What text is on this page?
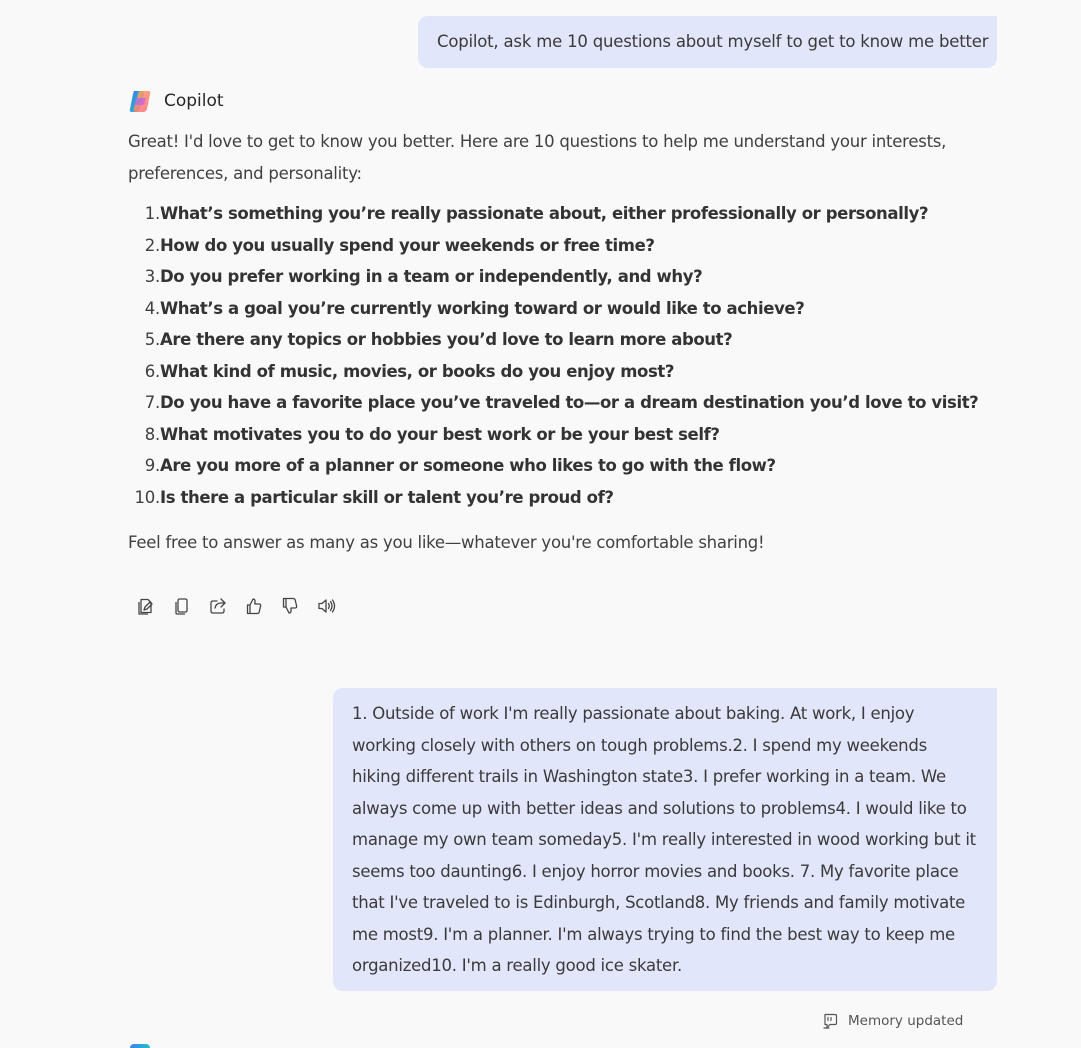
Copilot, ask me 10 questions about myself to get to know me better
Copilot

Great! I'd love to get to know you better. Here are 10 questions to help me understand your interests, preferences, and personality:

1. What’s something you’re really passionate about, either professionally or personally?
2. How do you usually spend your weekends or free time?
3. Do you prefer working in a team or independently, and why?
4. What’s a goal you’re currently working toward or would like to achieve?
5. Are there any topics or hobbies you’d love to learn more about?
6. What kind of music, movies, or books do you enjoy most?
7. Do you have a favorite place you’ve traveled to—or a dream destination you’d love to visit?
8. What motivates you to do your best work or be your best self?
9. Are you more of a planner or someone who likes to go with the flow?
10. Is there a particular skill or talent you’re proud of?

Feel free to answer as many as you like—whatever you're comfortable sharing!

1. Outside of work I'm really passionate about baking. At work, I enjoy working closely with others on tough problems.2. I spend my weekends hiking different trails in Washington state3. I prefer working in a team. We always come up with better ideas and solutions to problems4. I would like to manage my own team someday5. I'm really interested in wood working but it seems too daunting6. I enjoy horror movies and books. 7. My favorite place that I've traveled to is Edinburgh, Scotland8. My friends and family motivate me most9. I'm a planner. I'm always trying to find the best way to keep me organized10. I'm a really good ice skater.
Memory updated
